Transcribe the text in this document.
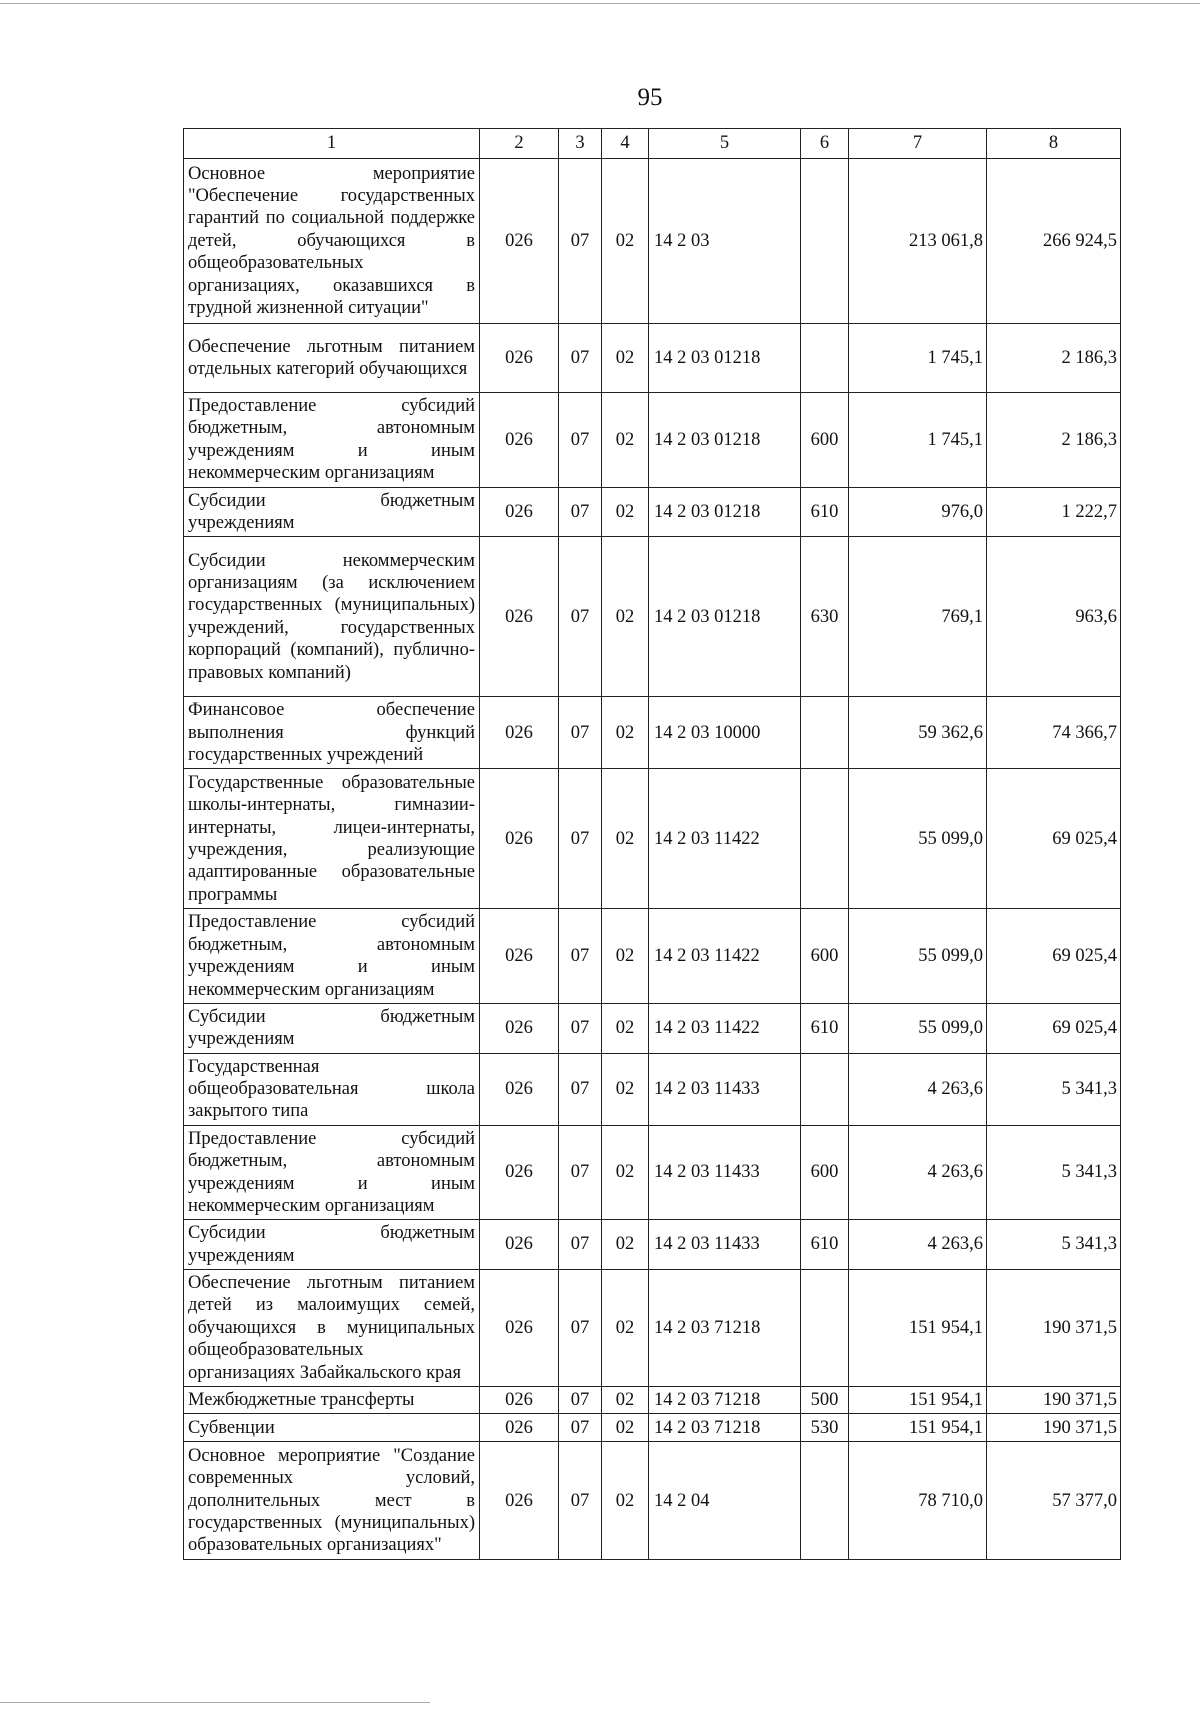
95
1	2	3	4	5	6	7	8
Основное мероприятие "Обеспечение государственных гарантий по социальной поддержке детей, обучающихся в общеобразовательных организациях, оказавшихся в трудной жизненной ситуации"	026	07	02	14 2 03		213 061,8	266 924,5
Обеспечение льготным питанием отдельных категорий обучающихся	026	07	02	14 2 03 01218		1 745,1	2 186,3
Предоставление субсидий бюджетным, автономным учреждениям и иным некоммерческим организациям	026	07	02	14 2 03 01218	600	1 745,1	2 186,3
Субсидии бюджетным учреждениям	026	07	02	14 2 03 01218	610	976,0	1 222,7
Субсидии некоммерческим организациям (за исключением государственных (муниципальных) учреждений, государственных корпораций (компаний), публично-правовых компаний)	026	07	02	14 2 03 01218	630	769,1	963,6
Финансовое обеспечение выполнения функций государственных учреждений	026	07	02	14 2 03 10000		59 362,6	74 366,7
Государственные образовательные школы-интернаты, гимназии-интернаты, лицеи-интернаты, учреждения, реализующие адаптированные образовательные программы	026	07	02	14 2 03 11422		55 099,0	69 025,4
Предоставление субсидий бюджетным, автономным учреждениям и иным некоммерческим организациям	026	07	02	14 2 03 11422	600	55 099,0	69 025,4
Субсидии бюджетным учреждениям	026	07	02	14 2 03 11422	610	55 099,0	69 025,4
Государственная общеобразовательная школа закрытого типа	026	07	02	14 2 03 11433		4 263,6	5 341,3
Предоставление субсидий бюджетным, автономным учреждениям и иным некоммерческим организациям	026	07	02	14 2 03 11433	600	4 263,6	5 341,3
Субсидии бюджетным учреждениям	026	07	02	14 2 03 11433	610	4 263,6	5 341,3
Обеспечение льготным питанием детей из малоимущих семей, обучающихся в муниципальных общеобразовательных организациях Забайкальского края	026	07	02	14 2 03 71218		151 954,1	190 371,5
Межбюджетные трансферты	026	07	02	14 2 03 71218	500	151 954,1	190 371,5
Субвенции	026	07	02	14 2 03 71218	530	151 954,1	190 371,5
Основное мероприятие "Создание современных условий, дополнительных мест в государственных (муниципальных) образовательных организациях"	026	07	02	14 2 04		78 710,0	57 377,0
